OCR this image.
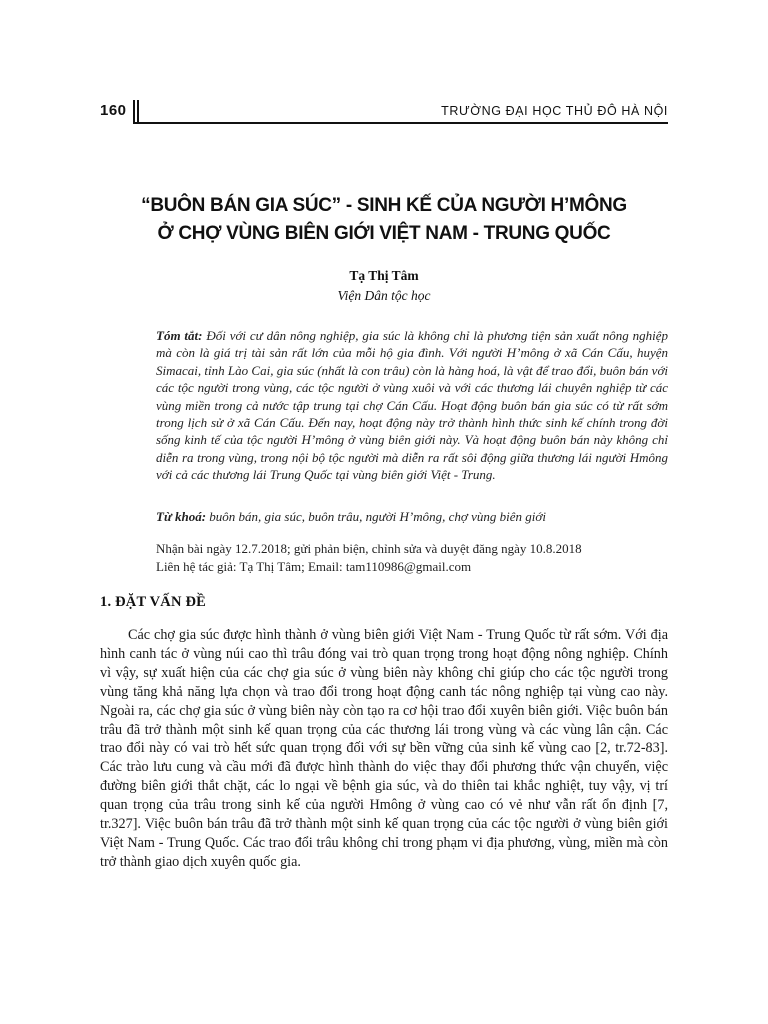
160	TRƯỜNG ĐẠI HỌC THỦ ĐÔ HÀ NỘI
“BUÔN BÁN GIA SÚC” - SINH KẾ CỦA NGƯỜI H’MÔNG
Ở CHỢ VÙNG BIÊN GIỚI VIỆT NAM - TRUNG QUỐC
Tạ Thị Tâm
Viện Dân tộc học
Tóm tắt: Đối với cư dân nông nghiệp, gia súc là không chỉ là phương tiện sản xuất nông nghiệp mà còn là giá trị tài sản rất lớn của mỗi hộ gia đình. Với người H’mông ở xã Cán Cấu, huyện Simacai, tỉnh Lào Cai, gia súc (nhất là con trâu) còn là hàng hoá, là vật để trao đổi, buôn bán với các tộc người trong vùng, các tộc người ở vùng xuôi và với các thương lái chuyên nghiệp từ các vùng miền trong cả nước tập trung tại chợ Cán Cấu. Hoạt động buôn bán gia súc có từ rất sớm trong lịch sử ở xã Cán Cấu. Đến nay, hoạt động này trở thành hình thức sinh kế chính trong đời sống kinh tế của tộc người H’mông ở vùng biên giới này. Và hoạt động buôn bán này không chỉ diễn ra trong vùng, trong nội bộ tộc người mà diễn ra rất sôi động giữa thương lái người Hmông với cả các thương lái Trung Quốc tại vùng biên giới Việt - Trung.
Từ khoá: buôn bán, gia súc, buôn trâu, người H’mông, chợ vùng biên giới
Nhận bài ngày 12.7.2018; gửi phản biện, chỉnh sửa và duyệt đăng ngày 10.8.2018
Liên hệ tác giả: Tạ Thị Tâm; Email: tam110986@gmail.com
1. ĐẶT VẤN ĐỀ
Các chợ gia súc được hình thành ở vùng biên giới Việt Nam - Trung Quốc từ rất sớm. Với địa hình canh tác ở vùng núi cao thì trâu đóng vai trò quan trọng trong hoạt động nông nghiệp. Chính vì vậy, sự xuất hiện của các chợ gia súc ở vùng biên này không chỉ giúp cho các tộc người trong vùng tăng khả năng lựa chọn và trao đổi trong hoạt động canh tác nông nghiệp tại vùng cao này. Ngoài ra, các chợ gia súc ở vùng biên này còn tạo ra cơ hội trao đổi xuyên biên giới. Việc buôn bán trâu đã trở thành một sinh kế quan trọng của các thương lái trong vùng và các vùng lân cận. Các trao đổi này có vai trò hết sức quan trọng đối với sự bền vững của sinh kế vùng cao [2, tr.72-83]. Các trào lưu cung và cầu mới đã được hình thành do việc thay đổi phương thức vận chuyển, việc đường biên giới thắt chặt, các lo ngại về bệnh gia súc, và do thiên tai khắc nghiệt, tuy vậy, vị trí quan trọng của trâu trong sinh kế của người Hmông ở vùng cao có vẻ như vẫn rất ổn định [7, tr.327]. Việc buôn bán trâu đã trở thành một sinh kế quan trọng của các tộc người ở vùng biên giới Việt Nam - Trung Quốc. Các trao đổi trâu không chỉ trong phạm vi địa phương, vùng, miền mà còn trở thành giao dịch xuyên quốc gia.
